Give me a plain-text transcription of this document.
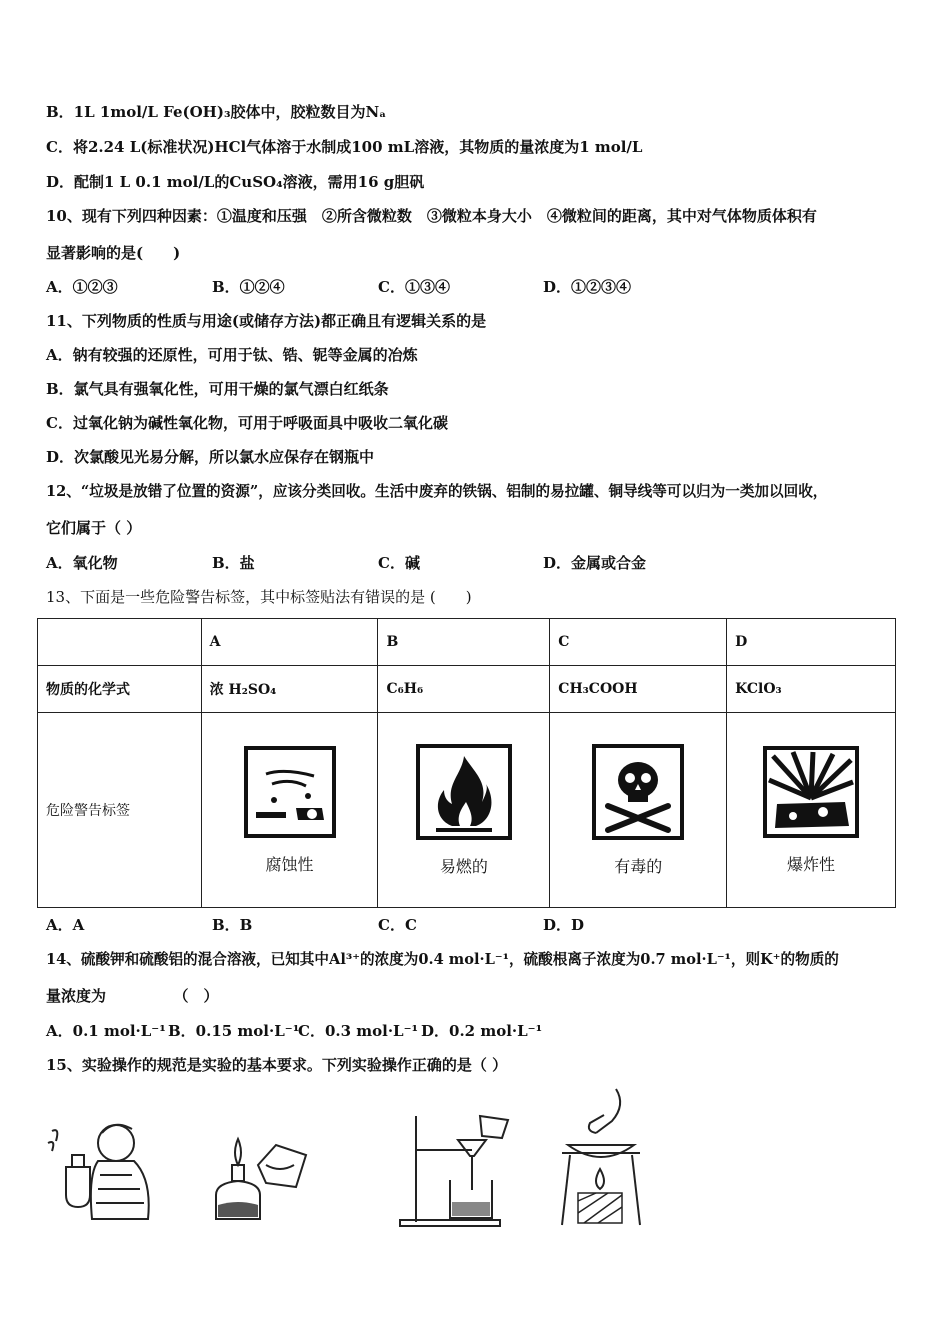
B．1L 1mol/L Fe(OH)₃胶体中，胶粒数目为Nₐ
C．将2.24 L(标准状况)HCl气体溶于水制成100 mL溶液，其物质的量浓度为1 mol/L
D．配制1 L 0.1 mol/L的CuSO₄溶液，需用16 g胆矾
10、现有下列四种因素：①温度和压强　②所含微粒数　③微粒本身大小　④微粒间的距离，其中对气体物质体积有
显著影响的是(　　)
A．①②③	B．①②④	C．①③④	D．①②③④
11、下列物质的性质与用途(或储存方法)都正确且有逻辑关系的是
A．钠有较强的还原性，可用于钛、锆、铌等金属的冶炼
B．氯气具有强氧化性，可用干燥的氯气漂白红纸条
C．过氧化钠为碱性氧化物，可用于呼吸面具中吸收二氧化碳
D．次氯酸见光易分解，所以氯水应保存在钢瓶中
12、“垃圾是放错了位置的资源”，应该分类回收。生活中废弃的铁锅、铝制的易拉罐、铜导线等可以归为一类加以回收，
它们属于（ ）
A．氧化物	B．盐	C．碱	D．金属或合金
13、下面是一些危险警告标签，其中标签贴法有错误的是 (　　)
	A	B	C	D
物质的化学式	浓 H₂SO₄	C₆H₆	CH₃COOH	KClO₃
危险警告标签	腐蚀性	易燃的	有毒的	爆炸性
A．A	B．B	C．C	D．D
14、硫酸钾和硫酸铝的混合溶液，已知其中Al³⁺的浓度为0.4 mol·L⁻¹，硫酸根离子浓度为0.7 mol·L⁻¹，则K⁺的物质的
量浓度为　　　　　（　）
A．0.1 mol·L⁻¹ B．0.15 mol·L⁻¹
C．0.3 mol·L⁻¹ D．0.2 mol·L⁻¹
15、实验操作的规范是实验的基本要求。下列实验操作正确的是（ ）
